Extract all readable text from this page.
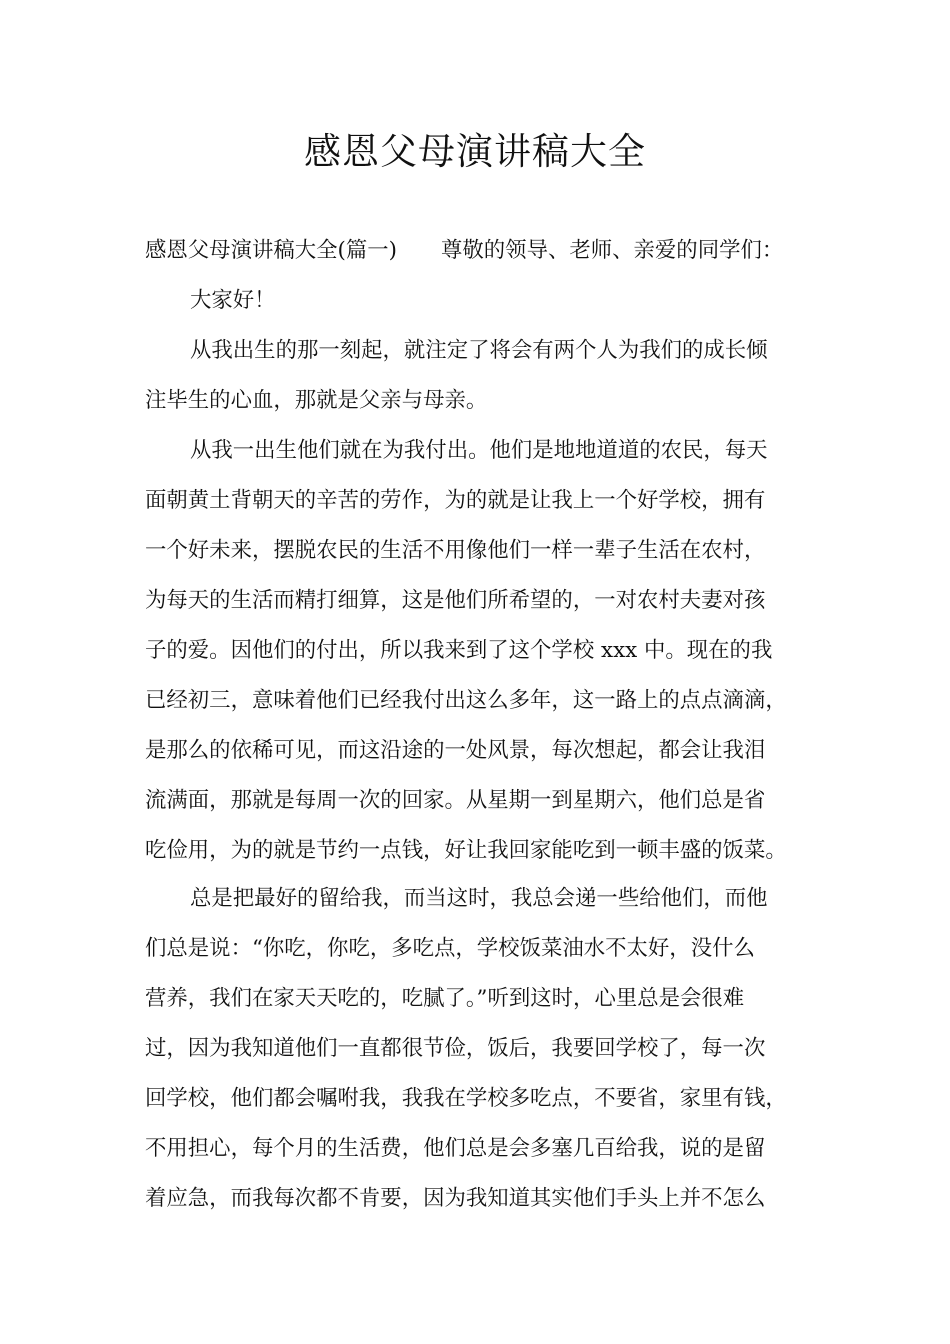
感恩父母演讲稿大全
感恩父母演讲稿大全(篇一) 尊敬的领导、老师、亲爱的同学们：
大家好！
从我出生的那一刻起，就注定了将会有两个人为我们的成长倾
注毕生的心血，那就是父亲与母亲。
从我一出生他们就在为我付出。他们是地地道道的农民，每天
面朝黄土背朝天的辛苦的劳作，为的就是让我上一个好学校，拥有
一个好未来，摆脱农民的生活不用像他们一样一辈子生活在农村，
为每天的生活而精打细算，这是他们所希望的，一对农村夫妻对孩
子的爱。因他们的付出，所以我来到了这个学校 xxx 中。现在的我
已经初三，意味着他们已经我付出这么多年，这一路上的点点滴滴，
是那么的依稀可见，而这沿途的一处风景，每次想起，都会让我泪
流满面，那就是每周一次的回家。从星期一到星期六，他们总是省
吃俭用，为的就是节约一点钱，好让我回家能吃到一顿丰盛的饭菜。
总是把最好的留给我，而当这时，我总会递一些给他们，而他
们总是说：“你吃，你吃，多吃点，学校饭菜油水不太好，没什么
营养，我们在家天天吃的，吃腻了。”听到这时，心里总是会很难
过，因为我知道他们一直都很节俭，饭后，我要回学校了，每一次
回学校，他们都会嘱咐我，我我在学校多吃点，不要省，家里有钱，
不用担心，每个月的生活费，他们总是会多塞几百给我，说的是留
着应急，而我每次都不肯要，因为我知道其实他们手头上并不怎么
